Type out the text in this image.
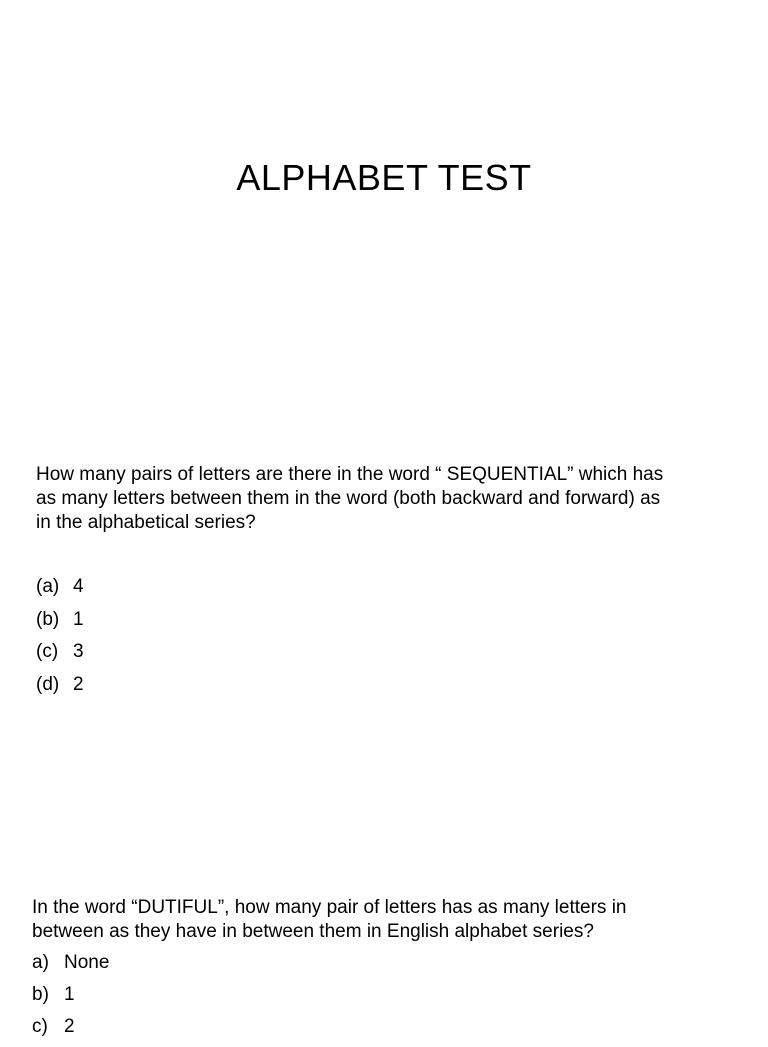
ALPHABET TEST

How many pairs of letters are there in the word “ SEQUENTIAL” which has
as many letters between them in the word (both backward and forward) as
in the alphabetical series?

(a) 4
(b) 1
(c) 3
(d) 2

In the word “DUTIFUL”, how many pair of letters has as many letters in
between as they have in between them in English alphabet series?

a) None
b) 1
c) 2
